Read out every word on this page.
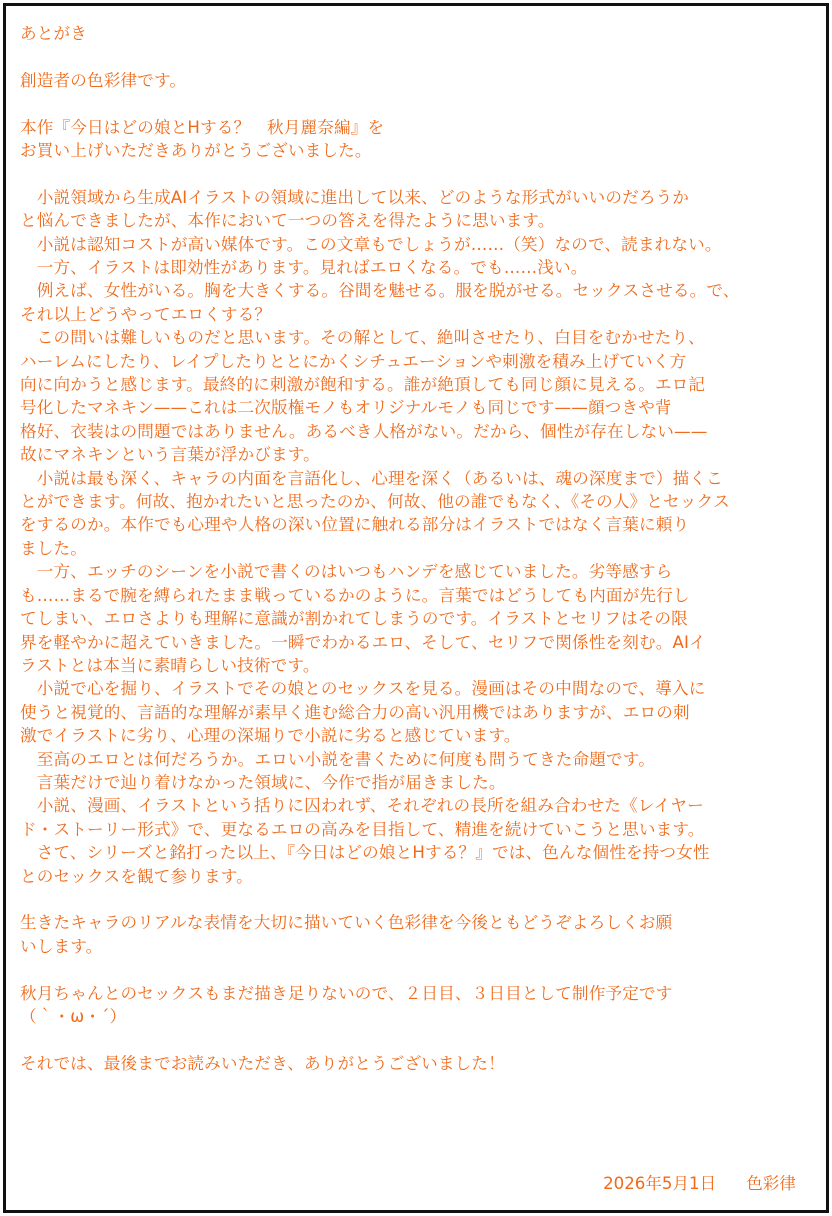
あとがき
創造者の色彩律です。
本作『今日はどの娘とHする？　秋月麗奈編』を
お買い上げいただきありがとうございました。
　小説領域から生成AIイラストの領域に進出して以来、どのような形式がいいのだろうか
と悩んできましたが、本作において一つの答えを得たように思います。
　小説は認知コストが高い媒体です。この文章もでしょうが……（笑）なので、読まれない。
　一方、イラストは即効性があります。見ればエロくなる。でも……浅い。
　例えば、女性がいる。胸を大きくする。谷間を魅せる。服を脱がせる。セックスさせる。で、
それ以上どうやってエロくする？
　この問いは難しいものだと思います。その解として、絶叫させたり、白目をむかせたり、
ハーレムにしたり、レイプしたりととにかくシチュエーションや刺激を積み上げていく方
向に向かうと感じます。最終的に刺激が飽和する。誰が絶頂しても同じ顔に見える。エロ記
号化したマネキン——これは二次版権モノもオリジナルモノも同じです——顔つきや背
格好、衣装はの問題ではありません。あるべき人格がない。だから、個性が存在しない——
故にマネキンという言葉が浮かびます。
　小説は最も深く、キャラの内面を言語化し、心理を深く（あるいは、魂の深度まで）描くこ
とができます。何故、抱かれたいと思ったのか、何故、他の誰でもなく、《その人》とセックス
をするのか。本作でも心理や人格の深い位置に触れる部分はイラストではなく言葉に頼り
ました。
　一方、エッチのシーンを小説で書くのはいつもハンデを感じていました。劣等感すら
も……まるで腕を縛られたまま戦っているかのように。言葉ではどうしても内面が先行し
てしまい、エロさよりも理解に意識が割かれてしまうのです。イラストとセリフはその限
界を軽やかに超えていきました。一瞬でわかるエロ、そして、セリフで関係性を刻む。AIイ
ラストとは本当に素晴らしい技術です。
　小説で心を掘り、イラストでその娘とのセックスを見る。漫画はその中間なので、導入に
使うと視覚的、言語的な理解が素早く進む総合力の高い汎用機ではありますが、エロの刺
激でイラストに劣り、心理の深堀りで小説に劣ると感じています。
　至高のエロとは何だろうか。エロい小説を書くために何度も問うてきた命題です。
　言葉だけで辿り着けなかった領域に、今作で指が届きました。
　小説、漫画、イラストという括りに囚われず、それぞれの長所を組み合わせた《レイヤー
ド・ストーリー形式》で、更なるエロの高みを目指して、精進を続けていこうと思います。
　さて、シリーズと銘打った以上、『今日はどの娘とHする？』では、色んな個性を持つ女性
とのセックスを観て参ります。
生きたキャラのリアルな表情を大切に描いていく色彩律を今後ともどうぞよろしくお願
いします。
秋月ちゃんとのセックスもまだ描き足りないので、２日目、３日目として制作予定です
（｀・ω・´）
それでは、最後までお読みいただき、ありがとうございました！
2026年5月1日 色彩律
